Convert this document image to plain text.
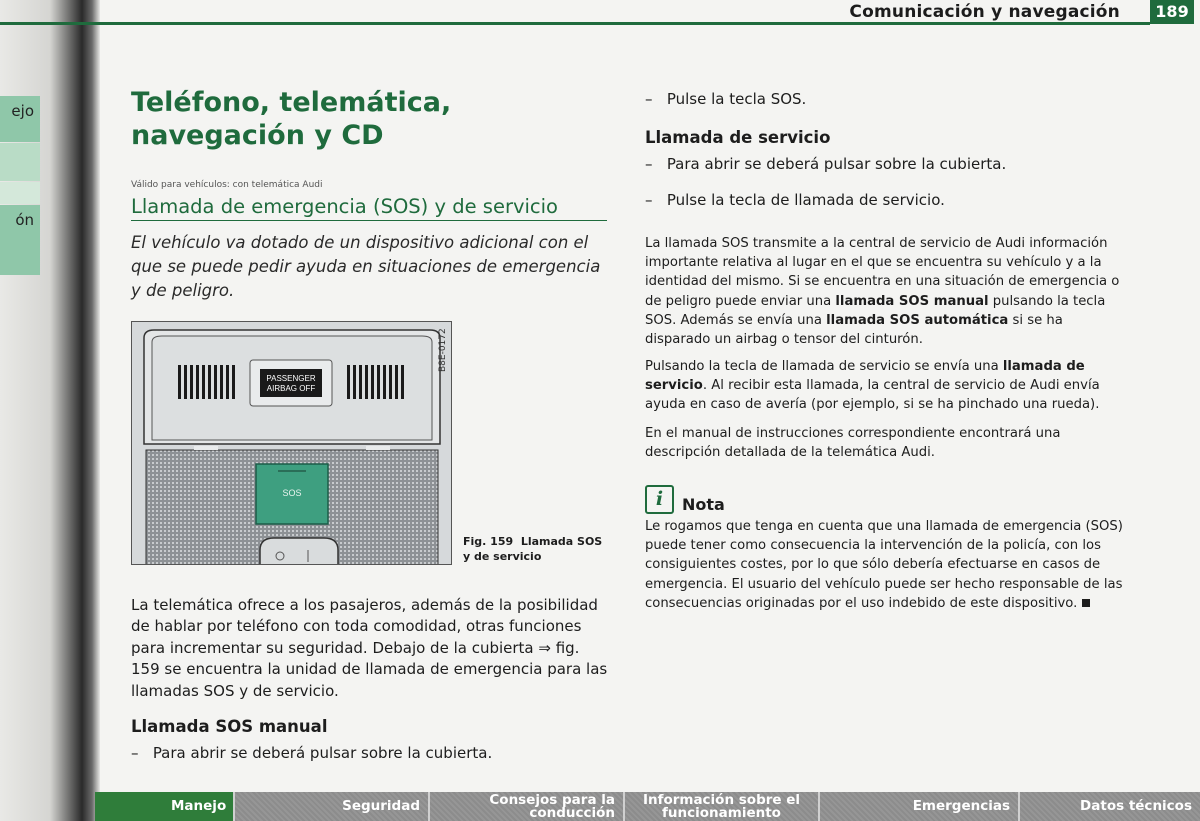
ejo
ón
Comunicación y navegación	189
Teléfono, telemática, navegación y CD
Válido para vehículos: con telemática Audi
Llamada de emergencia (SOS) y de servicio
El vehículo va dotado de un dispositivo adicional con el que se puede pedir ayuda en situaciones de emergencia y de peligro.
PASSENGER
AIRBAG OFF
SOS
B8E-0172
Fig. 159 Llamada SOS y de servicio
La telemática ofrece a los pasajeros, además de la posibilidad de hablar por teléfono con toda comodidad, otras funciones para incrementar su seguridad. Debajo de la cubierta ⇒ fig. 159 se encuentra la unidad de llamada de emergencia para las llamadas SOS y de servicio.
Llamada SOS manual
–   Para abrir se deberá pulsar sobre la cubierta.
–   Pulse la tecla SOS.
Llamada de servicio
–   Para abrir se deberá pulsar sobre la cubierta.
–   Pulse la tecla de llamada de servicio.
La llamada SOS transmite a la central de servicio de Audi información importante relativa al lugar en el que se encuentra su vehículo y a la identidad del mismo. Si se encuentra en una situación de emergencia o de peligro puede enviar una llamada SOS manual pulsando la tecla SOS. Además se envía una llamada SOS automática si se ha disparado un airbag o tensor del cinturón.
Pulsando la tecla de llamada de servicio se envía una llamada de servicio. Al recibir esta llamada, la central de servicio de Audi envía ayuda en caso de avería (por ejemplo, si se ha pinchado una rueda).
En el manual de instrucciones correspondiente encontrará una descripción detallada de la telemática Audi.
i	Nota
Le rogamos que tenga en cuenta que una llamada de emergencia (SOS) puede tener como consecuencia la intervención de la policía, con los consiguientes costes, por lo que sólo debería efectuarse en casos de emergencia. El usuario del vehículo puede ser hecho responsable de las consecuencias originadas por el uso indebido de este dispositivo.
Manejo	Seguridad	Consejos para la conducción
Información sobre el funcionamiento	Emergencias	Datos técnicos
